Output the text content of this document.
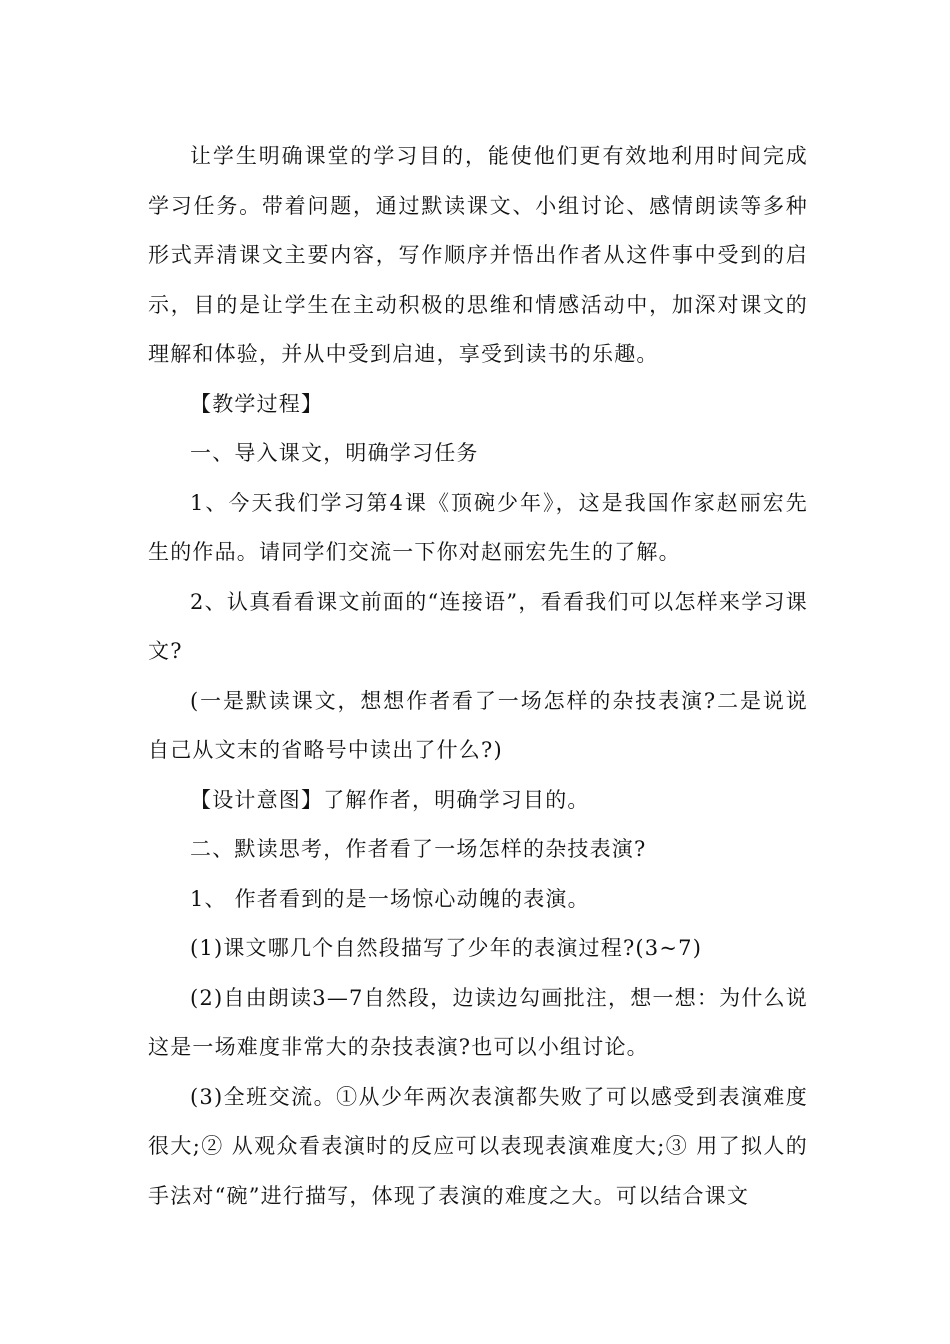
让学生明确课堂的学习目的，能使他们更有效地利用时间完成学习任务。带着问题，通过默读课文、小组讨论、感情朗读等多种形式弄清课文主要内容，写作顺序并悟出作者从这件事中受到的启示，目的是让学生在主动积极的思维和情感活动中，加深对课文的理解和体验，并从中受到启迪，享受到读书的乐趣。

【教学过程】

一、导入课文，明确学习任务

1、今天我们学习第4课《顶碗少年》，这是我国作家赵丽宏先生的作品。请同学们交流一下你对赵丽宏先生的了解。

2、认真看看课文前面的“连接语”，看看我们可以怎样来学习课文?

(一是默读课文，想想作者看了一场怎样的杂技表演?二是说说自己从文末的省略号中读出了什么?)

【设计意图】了解作者，明确学习目的。

二、默读思考，作者看了一场怎样的杂技表演?

1、 作者看到的是一场惊心动魄的表演。

(1)课文哪几个自然段描写了少年的表演过程?(3~7)

(2)自由朗读3—7自然段，边读边勾画批注，想一想：为什么说这是一场难度非常大的杂技表演?也可以小组讨论。

(3)全班交流。①从少年两次表演都失败了可以感受到表演难度很大;② 从观众看表演时的反应可以表现表演难度大;③ 用了拟人的手法对“碗”进行描写，体现了表演的难度之大。可以结合课文
